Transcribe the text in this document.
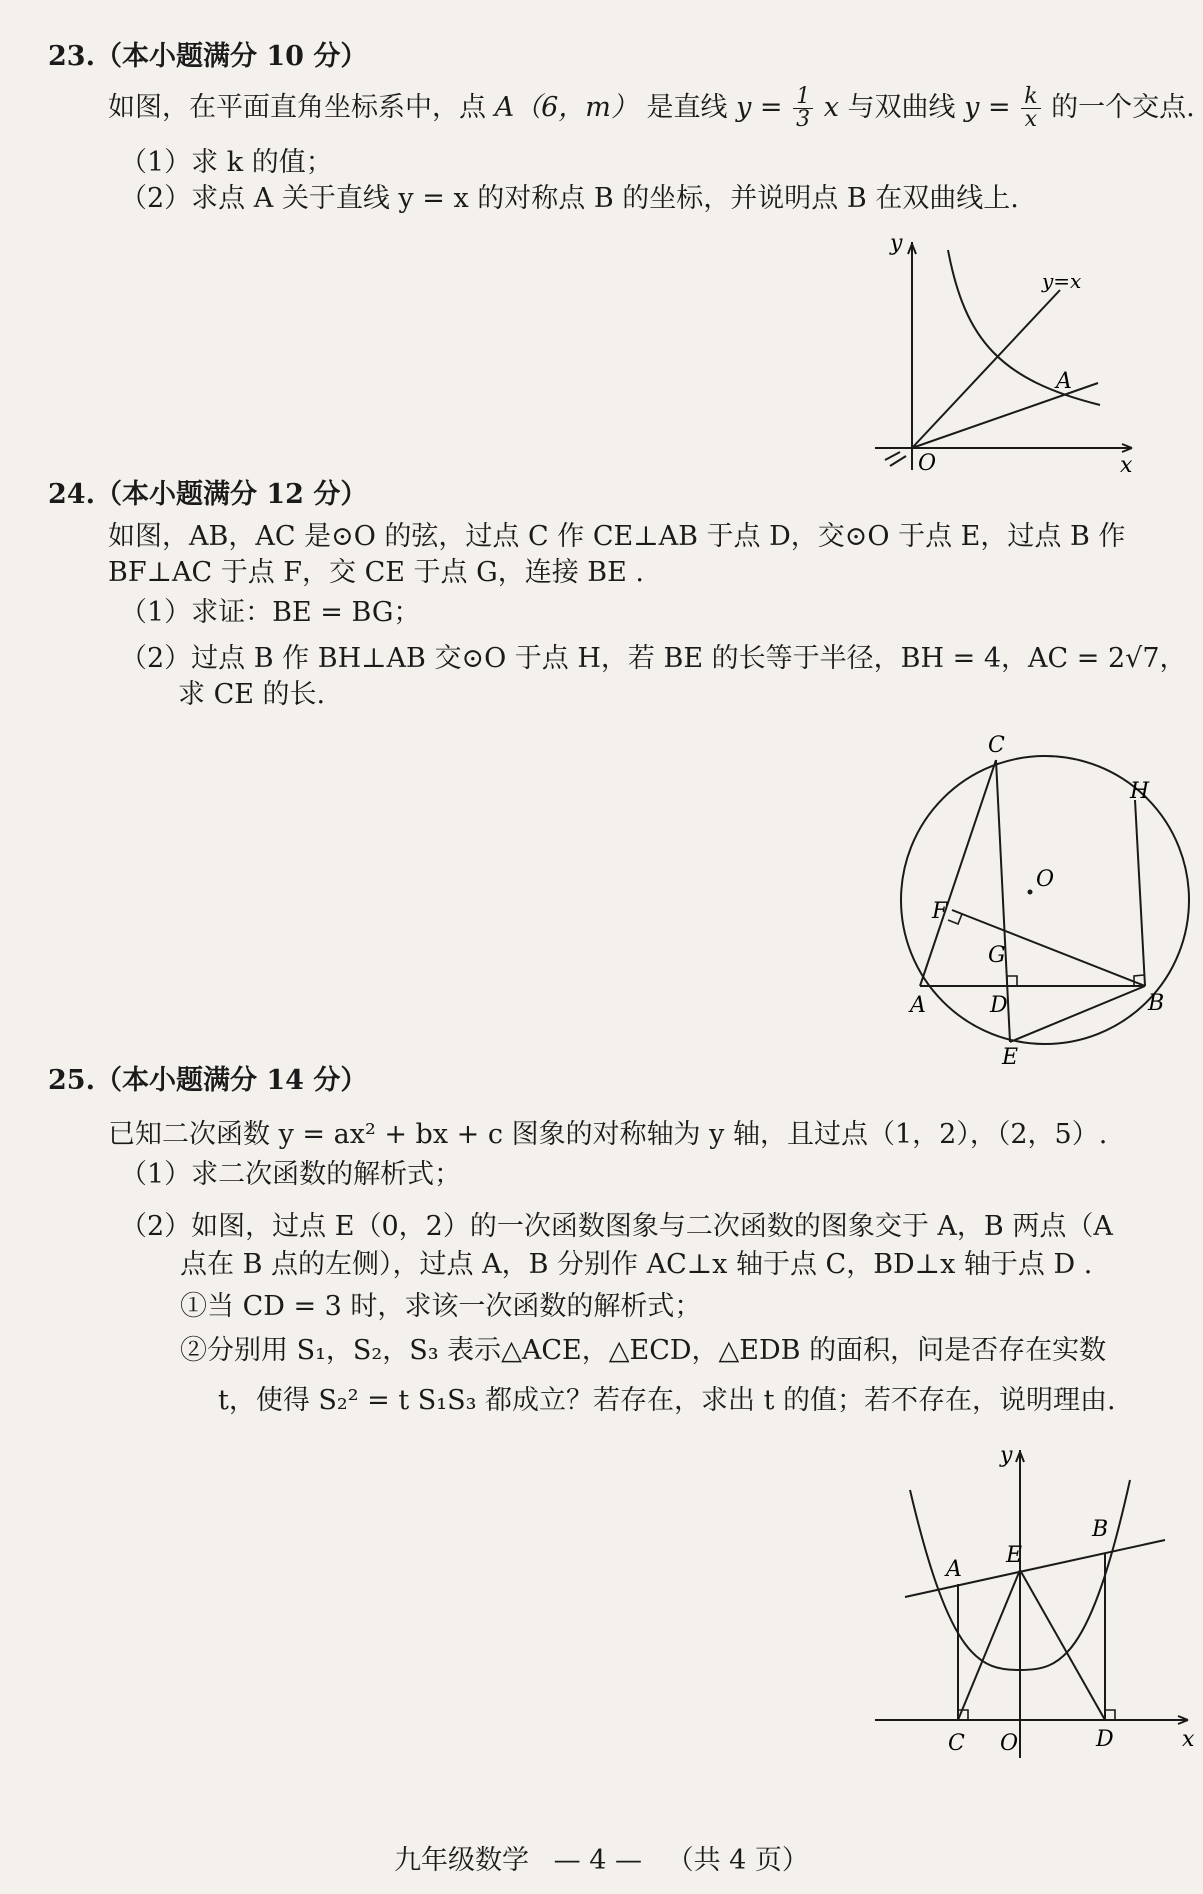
23.（本小题满分 10 分）
如图，在平面直角坐标系中，点 A（6，m） 是直线 $y = \frac{1}{3}$ x 与双曲线 $y = \frac{k}{x}$ 的一个交点.
（1）求 k 的值；
（2）求点 A 关于直线 y = x 的对称点 B 的坐标，并说明点 B 在双曲线上.
y
x
O
y=x
A
24.（本小题满分 12 分）
如图，AB，AC 是⊙O 的弦，过点 C 作 CE⊥AB 于点 D，交⊙O 于点 E，过点 B 作
BF⊥AC 于点 F，交 CE 于点 G，连接 BE .
（1）求证：BE = BG；
（2）过点 B 作 BH⊥AB 交⊙O 于点 H，若 BE 的长等于半径，BH = 4，AC = 2√7，
求 CE 的长.
C
H
O
F
G
A	D	B
E
25.（本小题满分 14 分）
已知二次函数 y = ax² + bx + c 图象的对称轴为 y 轴，且过点（1，2），（2，5）.
（1）求二次函数的解析式；
（2）如图，过点 E（0，2）的一次函数图象与二次函数的图象交于 A，B 两点（A
点在 B 点的左侧），过点 A，B 分别作 AC⊥x 轴于点 C，BD⊥x 轴于点 D .
①当 CD = 3 时，求该一次函数的解析式；
②分别用 S₁，S₂，S₃ 表示△ACE，△ECD，△EDB 的面积，问是否存在实数
t，使得 S₂² = t S₁S₃ 都成立？若存在，求出 t 的值；若不存在，说明理由.
y
x
A
E
B
C O	D
九年级数学 — 4 — （共 4 页）
